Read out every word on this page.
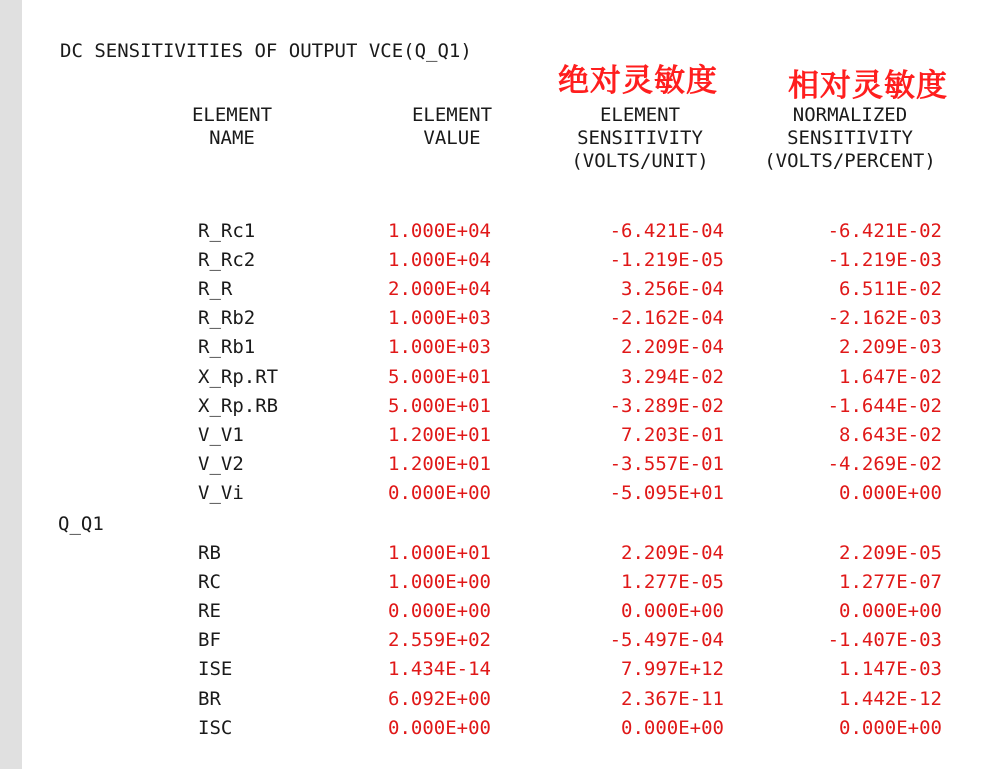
DC SENSITIVITIES OF OUTPUT VCE(Q_Q1)
绝对灵敏度 相对灵敏度
ELEMENT
NAME
ELEMENT
VALUE
ELEMENT
SENSITIVITY
(VOLTS/UNIT)
NORMALIZED
SENSITIVITY
(VOLTS/PERCENT)
R_Rc1	1.000E+04	-6.421E-04	-6.421E-02
R_Rc2	1.000E+04	-1.219E-05	-1.219E-03
R_R	2.000E+04	3.256E-04	6.511E-02
R_Rb2	1.000E+03	-2.162E-04	-2.162E-03
R_Rb1	1.000E+03	2.209E-04	2.209E-03
X_Rp.RT	5.000E+01	3.294E-02	1.647E-02
X_Rp.RB	5.000E+01	-3.289E-02	-1.644E-02
V_V1	1.200E+01	7.203E-01	8.643E-02
V_V2	1.200E+01	-3.557E-01	-4.269E-02
V_Vi	0.000E+00	-5.095E+01	0.000E+00
Q_Q1
RB	1.000E+01	2.209E-04	2.209E-05
RC	1.000E+00	1.277E-05	1.277E-07
RE	0.000E+00	0.000E+00	0.000E+00
BF	2.559E+02	-5.497E-04	-1.407E-03
ISE	1.434E-14	7.997E+12	1.147E-03
BR	6.092E+00	2.367E-11	1.442E-12
ISC	0.000E+00	0.000E+00	0.000E+00
